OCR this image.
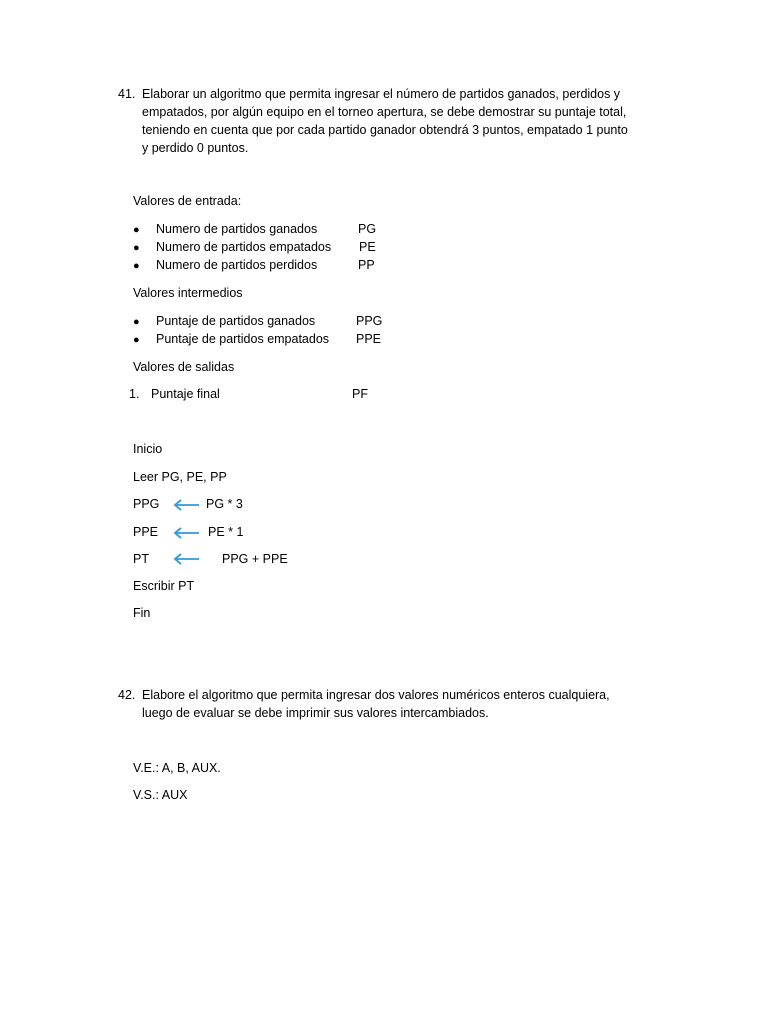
41. Elaborar un algoritmo que permita ingresar el número de partidos ganados, perdidos y
empatados, por algún equipo en el torneo apertura, se debe demostrar su puntaje total,
teniendo en cuenta que por cada partido ganador obtendrá 3 puntos, empatado 1 punto
y perdido 0 puntos.
Valores de entrada:
● Numero de partidos ganados	PG
● Numero de partidos empatados PE
● Numero de partidos perdidos	PP
Valores intermedios
● Puntaje de partidos ganados	PPG
● Puntaje de partidos empatados PPE
Valores de salidas
1. Puntaje final	PF
Inicio
Leer PG, PE, PP
PPG	PG * 3
PPE	PE * 1
PT	PPG + PPE
Escribir PT
Fin
42. Elabore el algoritmo que permita ingresar dos valores numéricos enteros cualquiera,
luego de evaluar se debe imprimir sus valores intercambiados.
V.E.: A, B, AUX.
V.S.: AUX
